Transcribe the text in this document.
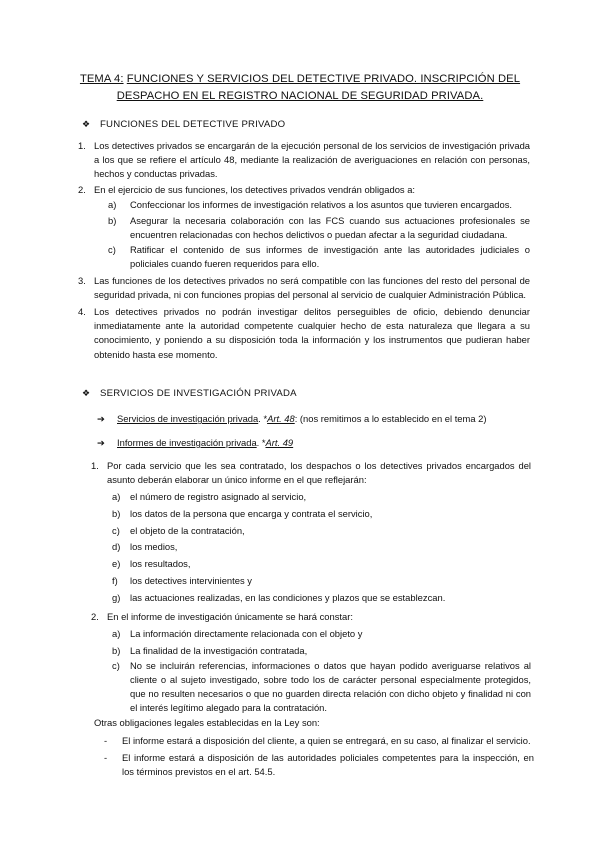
TEMA 4: FUNCIONES Y SERVICIOS DEL DETECTIVE PRIVADO. INSCRIPCIÓN DEL DESPACHO EN EL REGISTRO NACIONAL DE SEGURIDAD PRIVADA.
❖ FUNCIONES DEL DETECTIVE PRIVADO
1. Los detectives privados se encargarán de la ejecución personal de los servicios de investigación privada a los que se refiere el artículo 48, mediante la realización de averiguaciones en relación con personas, hechos y conductas privadas.
2. En el ejercicio de sus funciones, los detectives privados vendrán obligados a:
a) Confeccionar los informes de investigación relativos a los asuntos que tuvieren encargados.
b) Asegurar la necesaria colaboración con las FCS cuando sus actuaciones profesionales se encuentren relacionadas con hechos delictivos o puedan afectar a la seguridad ciudadana.
c) Ratificar el contenido de sus informes de investigación ante las autoridades judiciales o policiales cuando fueren requeridos para ello.
3. Las funciones de los detectives privados no será compatible con las funciones del resto del personal de seguridad privada, ni con funciones propias del personal al servicio de cualquier Administración Pública.
4. Los detectives privados no podrán investigar delitos perseguibles de oficio, debiendo denunciar inmediatamente ante la autoridad competente cualquier hecho de esta naturaleza que llegara a su conocimiento, y poniendo a su disposición toda la información y los instrumentos que pudieran haber obtenido hasta ese momento.
❖ SERVICIOS DE INVESTIGACIÓN PRIVADA
➔ Servicios de investigación privada. *Art. 48: (nos remitimos a lo establecido en el tema 2)
➔ Informes de investigación privada. *Art. 49
1. Por cada servicio que les sea contratado, los despachos o los detectives privados encargados del asunto deberán elaborar un único informe en el que reflejarán:
a) el número de registro asignado al servicio,
b) los datos de la persona que encarga y contrata el servicio,
c) el objeto de la contratación,
d) los medios,
e) los resultados,
f) los detectives intervinientes y
g) las actuaciones realizadas, en las condiciones y plazos que se establezcan.
2. En el informe de investigación únicamente se hará constar:
a) La información directamente relacionada con el objeto y
b) La finalidad de la investigación contratada,
c) No se incluirán referencias, informaciones o datos que hayan podido averiguarse relativos al cliente o al sujeto investigado, sobre todo los de carácter personal especialmente protegidos, que no resulten necesarios o que no guarden directa relación con dicho objeto y finalidad ni con el interés legítimo alegado para la contratación.
Otras obligaciones legales establecidas en la Ley son:
- El informe estará a disposición del cliente, a quien se entregará, en su caso, al finalizar el servicio.
- El informe estará a disposición de las autoridades policiales competentes para la inspección, en los términos previstos en el art. 54.5.
